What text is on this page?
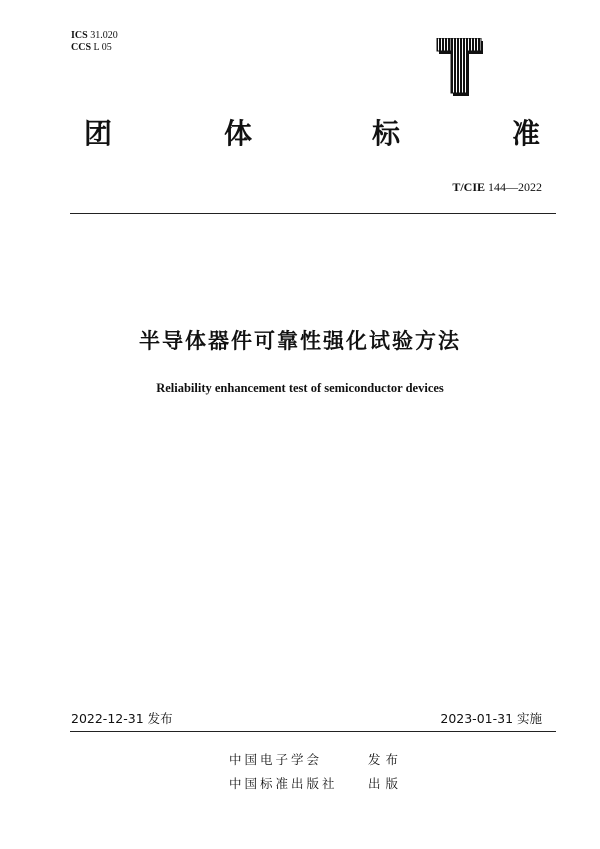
ICS 31.020
CCS L 05
团	体	标	准
T/CIE 144—2022
半导体器件可靠性强化试验方法
Reliability enhancement test of semiconductor devices
2022-12-31 发布	2023-01-31 实施
中国电子学会	发布
中国标准出版社 出版
